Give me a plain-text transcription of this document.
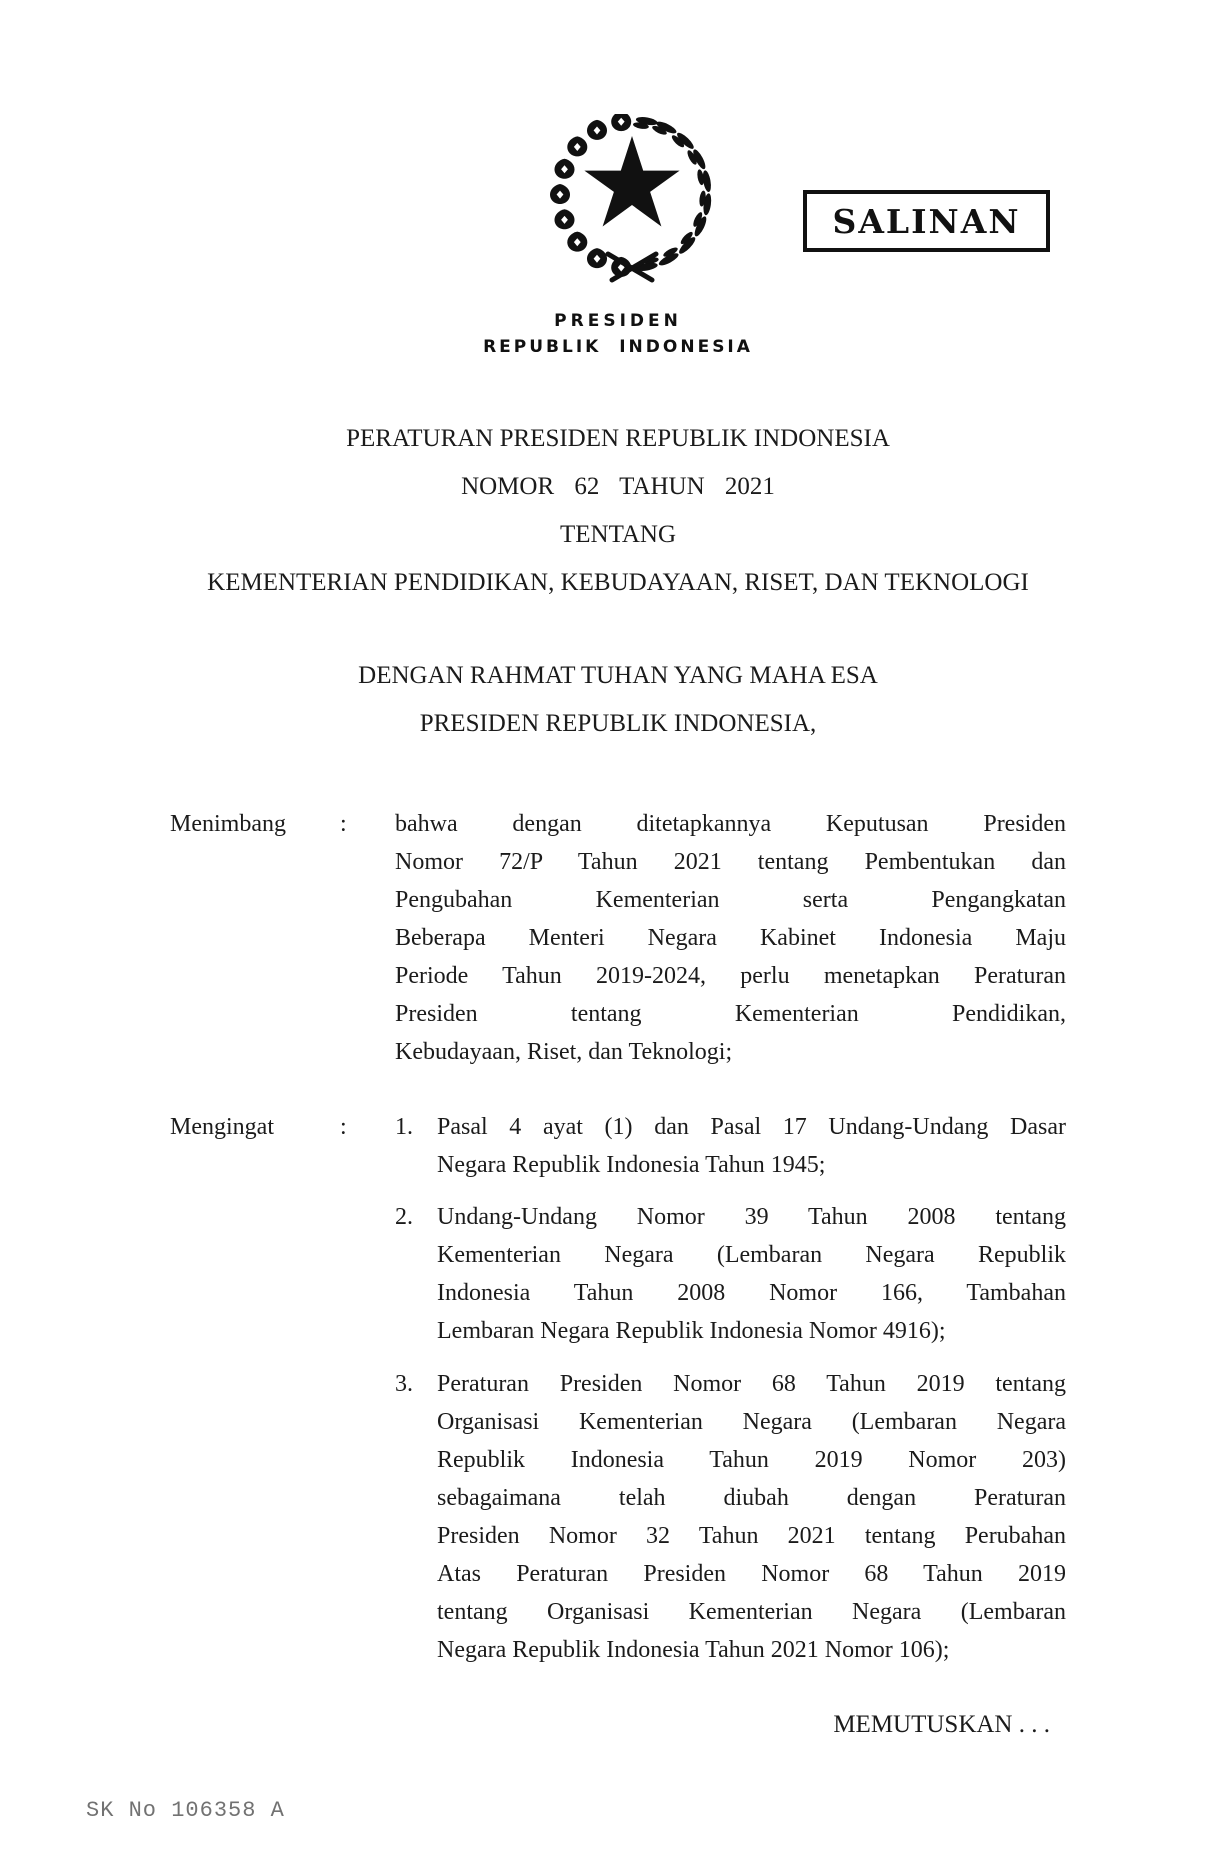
SALINAN
PRESIDEN
REPUBLIK INDONESIA
PERATURAN PRESIDEN REPUBLIK INDONESIA
NOMOR 62 TAHUN 2021
TENTANG
KEMENTERIAN PENDIDIKAN, KEBUDAYAAN, RISET, DAN TEKNOLOGI
DENGAN RAHMAT TUHAN YANG MAHA ESA
PRESIDEN REPUBLIK INDONESIA,
Menimbang : bahwa dengan ditetapkannya Keputusan Presiden
Nomor 72/P Tahun 2021 tentang Pembentukan dan
Pengubahan Kementerian serta Pengangkatan
Beberapa Menteri Negara Kabinet Indonesia Maju
Periode Tahun 2019-2024, perlu menetapkan Peraturan
Presiden tentang Kementerian Pendidikan,
Kebudayaan, Riset, dan Teknologi;
Mengingat	: 1. Pasal 4 ayat (1) dan Pasal 17 Undang-Undang Dasar
Negara Republik Indonesia Tahun 1945;
2. Undang-Undang Nomor 39 Tahun 2008 tentang
Kementerian Negara (Lembaran Negara Republik
Indonesia Tahun 2008 Nomor 166, Tambahan
Lembaran Negara Republik Indonesia Nomor 4916);
3. Peraturan Presiden Nomor 68 Tahun 2019 tentang
Organisasi Kementerian Negara (Lembaran Negara
Republik Indonesia Tahun 2019 Nomor 203)
sebagaimana telah diubah dengan Peraturan
Presiden Nomor 32 Tahun 2021 tentang Perubahan
Atas Peraturan Presiden Nomor 68 Tahun 2019
tentang Organisasi Kementerian Negara (Lembaran
Negara Republik Indonesia Tahun 2021 Nomor 106);
MEMUTUSKAN . . .
SK No 106358 A
